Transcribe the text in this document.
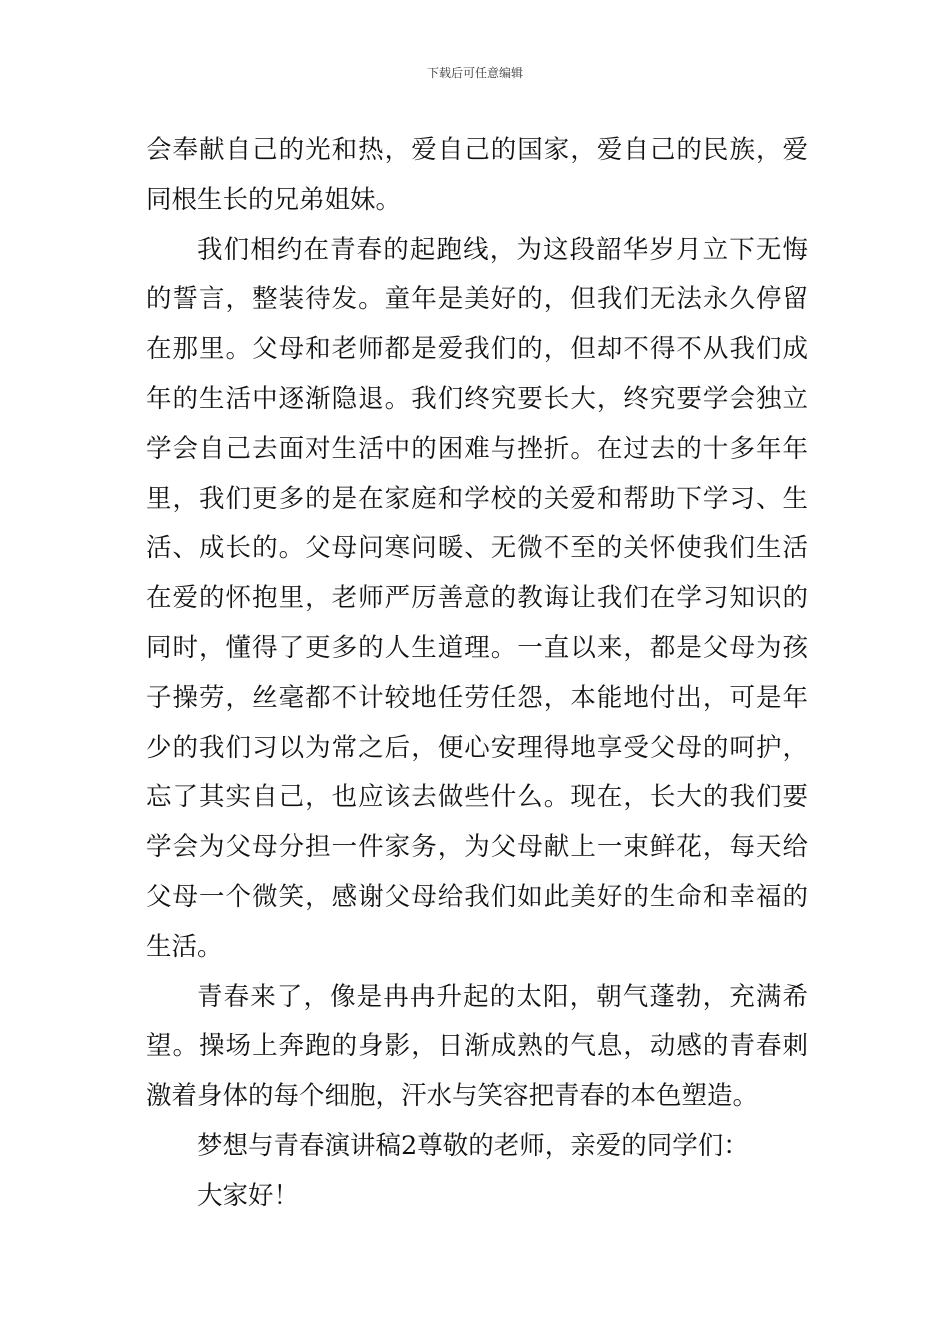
下载后可任意编辑

会奉献自己的光和热，爱自己的国家，爱自己的民族，爱同根生长的兄弟姐妹。

我们相约在青春的起跑线，为这段韶华岁月立下无悔的誓言，整装待发。童年是美好的，但我们无法永久停留在那里。父母和老师都是爱我们的，但却不得不从我们成年的生活中逐渐隐退。我们终究要长大，终究要学会独立学会自己去面对生活中的困难与挫折。在过去的十多年年里，我们更多的是在家庭和学校的关爱和帮助下学习、生活、成长的。父母问寒问暖、无微不至的关怀使我们生活在爱的怀抱里，老师严厉善意的教诲让我们在学习知识的同时，懂得了更多的人生道理。一直以来，都是父母为孩子操劳，丝毫都不计较地任劳任怨，本能地付出，可是年少的我们习以为常之后，便心安理得地享受父母的呵护，忘了其实自己，也应该去做些什么。现在，长大的我们要学会为父母分担一件家务，为父母献上一束鲜花，每天给父母一个微笑，感谢父母给我们如此美好的生命和幸福的生活。

青春来了，像是冉冉升起的太阳，朝气蓬勃，充满希望。操场上奔跑的身影，日渐成熟的气息，动感的青春刺激着身体的每个细胞，汗水与笑容把青春的本色塑造。

梦想与青春演讲稿2尊敬的老师，亲爱的同学们：

大家好！
